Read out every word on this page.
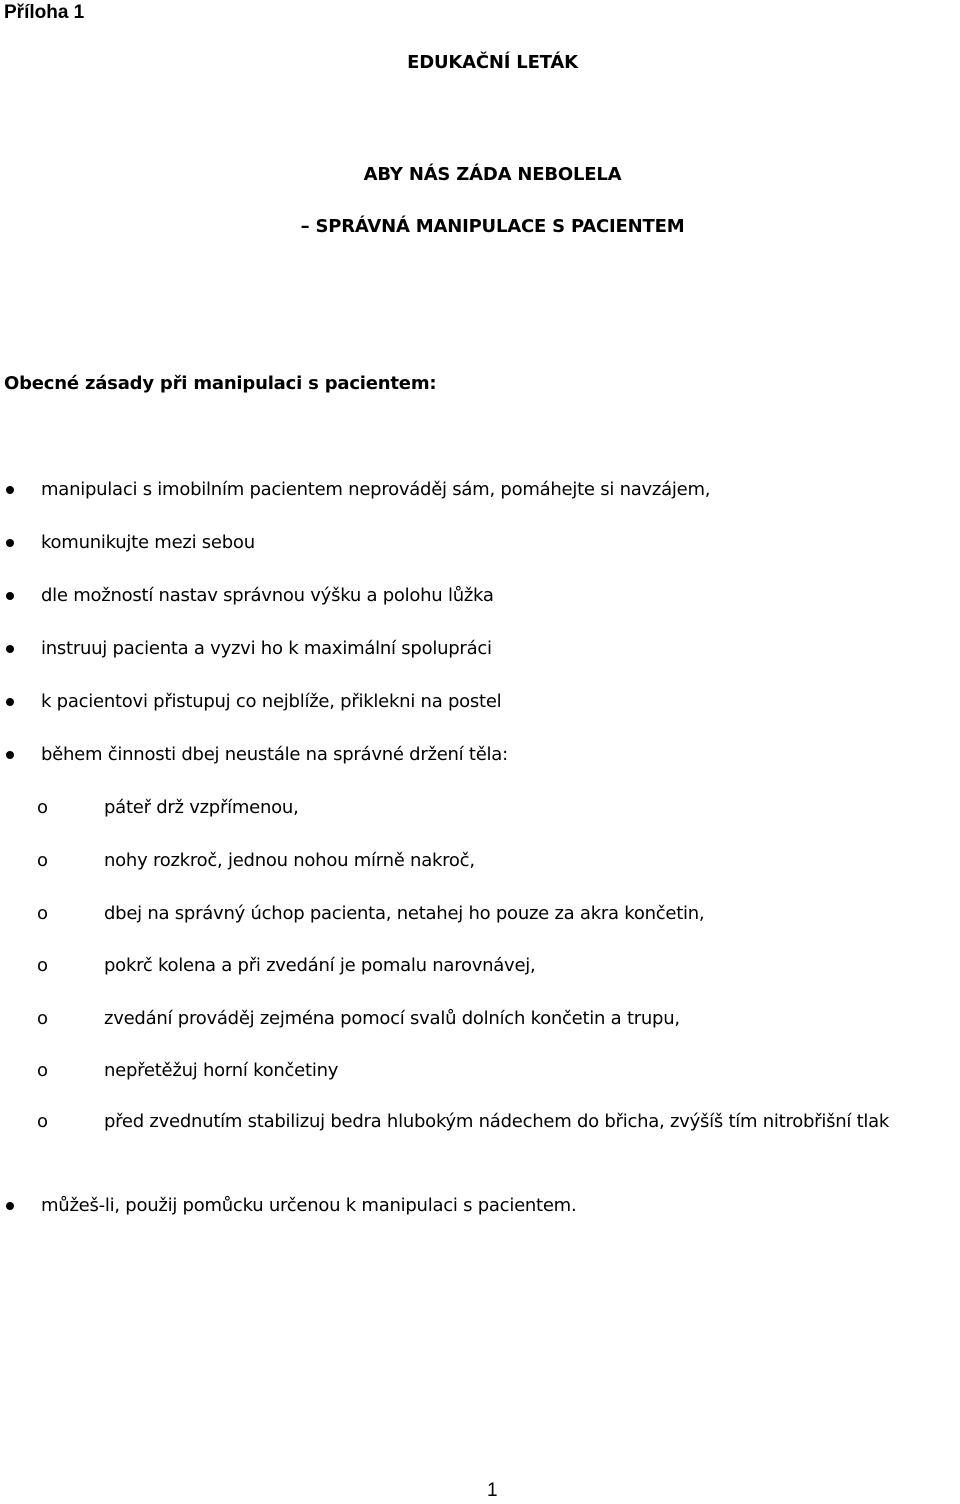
Příloha 1
EDUKAČNÍ LETÁK
ABY NÁS ZÁDA NEBOLELA
– SPRÁVNÁ MANIPULACE S PACIENTEM
Obecné zásady při manipulaci s pacientem:
manipulaci s imobilním pacientem neprováděj sám, pomáhejte si navzájem,
komunikujte mezi sebou
dle možností nastav správnou výšku a polohu lůžka
instruuj pacienta a vyzvi ho k maximální spolupráci
k pacientovi přistupuj co nejblíže, přiklekni na postel
během činnosti dbej neustále na správné držení těla:
o	páteř drž vzpřímenou,
o	nohy rozkroč, jednou nohou mírně nakroč,
o	dbej na správný úchop pacienta, netahej ho pouze za akra končetin,
o	pokrč kolena a při zvedání je pomalu narovnávej,
o	zvedání prováděj zejména pomocí svalů dolních končetin a trupu,
o	nepřetěžuj horní končetiny
o	před zvednutím stabilizuj bedra hlubokým nádechem do břicha, zvýšíš tím nitrobřišní tlak
můžeš-li, použij pomůcku určenou k manipulaci s pacientem.
1
